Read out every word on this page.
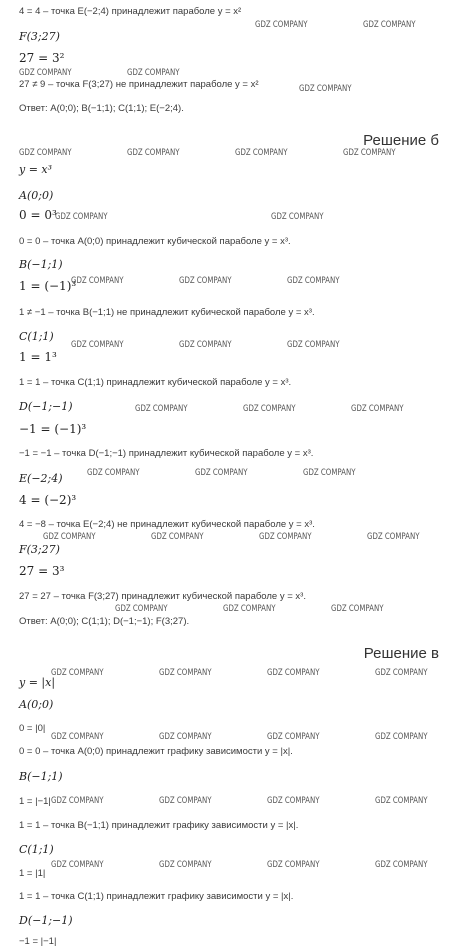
4 = 4 – точка E(−2;4) принадлежит параболе y = x²
F(3;27)
27 = 3²
27 ≠ 9 – точка F(3;27) не принадлежит параболе y = x²
Ответ: A(0;0); B(−1;1); C(1;1); E(−2;4).
Решение б
y = x³
A(0;0)
0 = 0³
0 = 0 – точка A(0;0) принадлежит кубической параболе y = x³.
B(−1;1)
1 = (−1)³
1 ≠ −1 – точка B(−1;1) не принадлежит кубической параболе y = x³.
C(1;1)
1 = 1³
1 = 1 – точка C(1;1) принадлежит кубической параболе y = x³.
D(−1;−1)
−1 = (−1)³
−1 = −1 – точка D(−1;−1) принадлежит кубической параболе y = x³.
E(−2;4)
4 = (−2)³
4 = −8 – точка E(−2;4) не принадлежит кубической параболе y = x³.
F(3;27)
27 = 3³
27 = 27 – точка F(3;27) принадлежит кубической параболе y = x³.
Ответ: A(0;0); C(1;1); D(−1;−1); F(3;27).
Решение в
y = |x|
A(0;0)
0 = |0|
0 = 0 – точка A(0;0) принадлежит графику зависимости y = |x|.
B(−1;1)
1 = |−1|
1 = 1 – точка B(−1;1) принадлежит графику зависимости y = |x|.
C(1;1)
1 = |1|
1 = 1 – точка C(1;1) принадлежит графику зависимости y = |x|.
D(−1;−1)
−1 = |−1|
GDZ COMPANY	GDZ COMPANY
GDZ COMPANY	GDZ COMPANY
GDZ COMPANY
GDZ COMPANY	GDZ COMPANY	GDZ COMPANY	GDZ COMPANY
GDZ COMPANY	GDZ COMPANY
GDZ COMPANY	GDZ COMPANY	GDZ COMPANY
GDZ COMPANY	GDZ COMPANY	GDZ COMPANY
GDZ COMPANY	GDZ COMPANY	GDZ COMPANY
GDZ COMPANY	GDZ COMPANY	GDZ COMPANY
GDZ COMPANY	GDZ COMPANY	GDZ COMPANY	GDZ COMPANY
GDZ COMPANY	GDZ COMPANY	GDZ COMPANY
GDZ COMPANY	GDZ COMPANY	GDZ COMPANY	GDZ COMPANY
GDZ COMPANY	GDZ COMPANY	GDZ COMPANY	GDZ COMPANY
GDZ COMPANY	GDZ COMPANY	GDZ COMPANY	GDZ COMPANY
GDZ COMPANY	GDZ COMPANY	GDZ COMPANY	GDZ COMPANY
